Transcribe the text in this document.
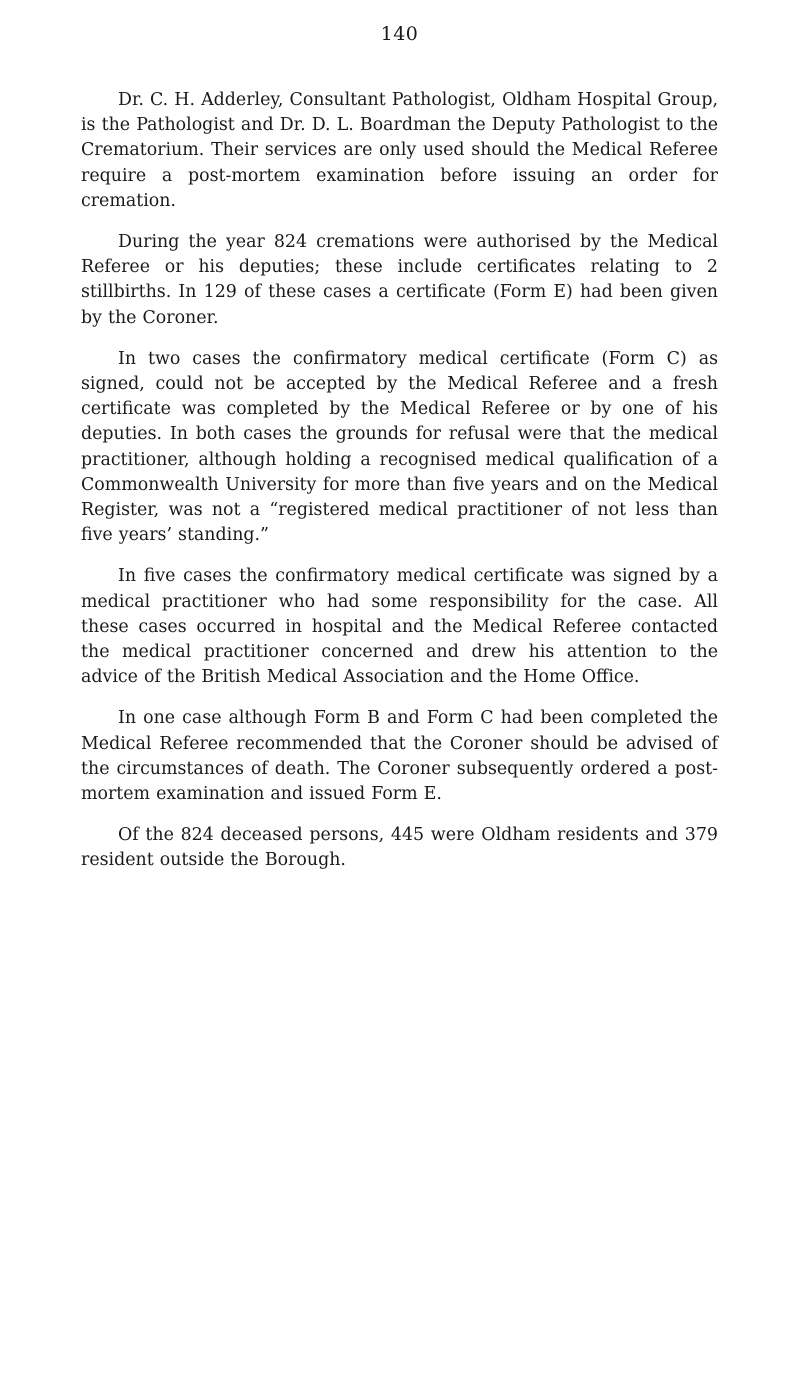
140

Dr. C. H. Adderley, Consultant Pathologist, Oldham Hospital Group, is the Pathologist and Dr. D. L. Boardman the Deputy Pathologist to the Crematorium. Their services are only used should the Medical Referee require a post-mortem examination before issuing an order for cremation.

During the year 824 cremations were authorised by the Medical Referee or his deputies; these include certificates relating to 2 stillbirths. In 129 of these cases a certificate (Form E) had been given by the Coroner.

In two cases the confirmatory medical certificate (Form C) as signed, could not be accepted by the Medical Referee and a fresh certificate was completed by the Medical Referee or by one of his deputies. In both cases the grounds for refusal were that the medical practitioner, although holding a recognised medical qualification of a Commonwealth University for more than five years and on the Medical Register, was not a “registered medical practitioner of not less than five years’ standing.”

In five cases the confirmatory medical certificate was signed by a medical practitioner who had some responsibility for the case. All these cases occurred in hospital and the Medical Referee contacted the medical practitioner concerned and drew his attention to the advice of the British Medical Association and the Home Office.

In one case although Form B and Form C had been completed the Medical Referee recommended that the Coroner should be advised of the circumstances of death. The Coroner subsequently ordered a post-mortem examination and issued Form E.

Of the 824 deceased persons, 445 were Oldham residents and 379 resident outside the Borough.
